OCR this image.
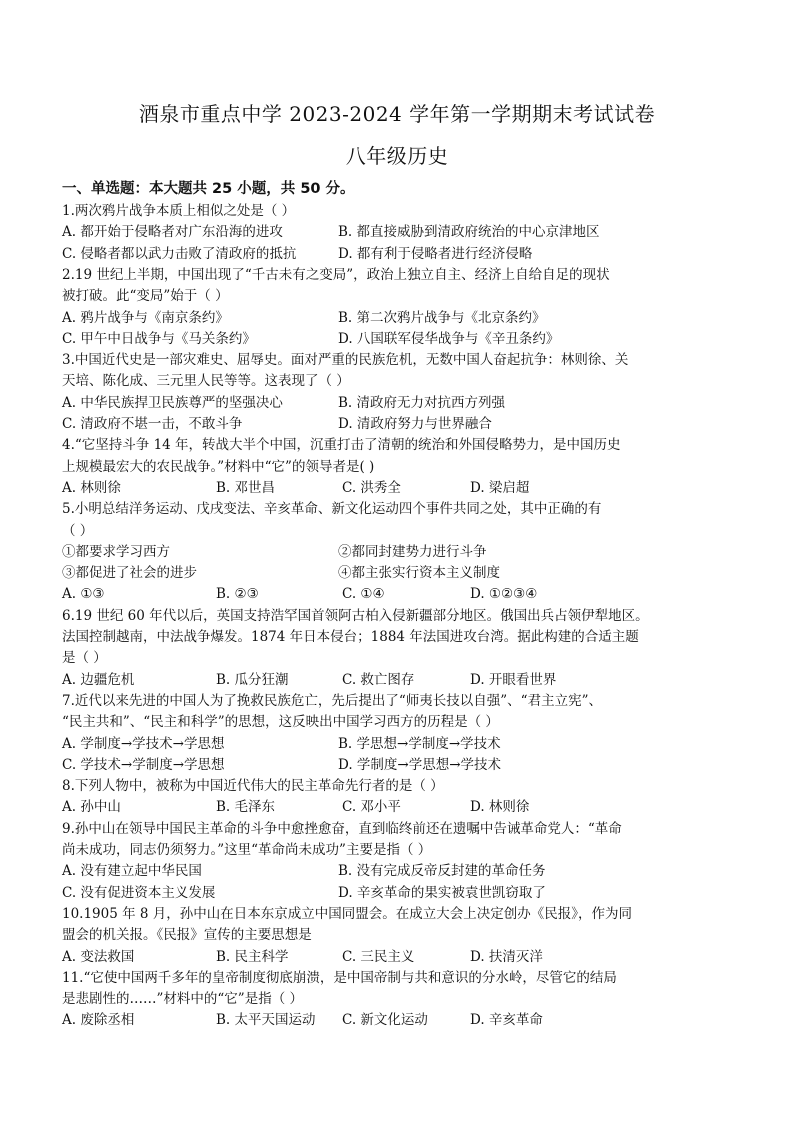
酒泉市重点中学 2023-2024 学年第一学期期末考试试卷
八年级历史
一、单选题：本大题共 25 小题，共 50 分。
1.两次鸦片战争本质上相似之处是（ ）
A. 都开始于侵略者对广东沿海的进攻	B. 都直接威胁到清政府统治的中心京津地区
C. 侵略者都以武力击败了清政府的抵抗	D. 都有利于侵略者进行经济侵略
2.19 世纪上半期，中国出现了“千古未有之变局”，政治上独立自主、经济上自给自足的现状
被打破。此“变局”始于（ ）
A. 鸦片战争与《南京条约》	B. 第二次鸦片战争与《北京条约》
C. 甲午中日战争与《马关条约》	D. 八国联军侵华战争与《辛丑条约》
3.中国近代史是一部灾难史、屈辱史。面对严重的民族危机，无数中国人奋起抗争：林则徐、关
天培、陈化成、三元里人民等等。这表现了（ ）
A. 中华民族捍卫民族尊严的坚强决心	B. 清政府无力对抗西方列强
C. 清政府不堪一击，不敢斗争	D. 清政府努力与世界融合
4.“它坚持斗争 14 年，转战大半个中国，沉重打击了清朝的统治和外国侵略势力，是中国历史
上规模最宏大的农民战争。”材料中“它”的领导者是( )
A. 林则徐	B. 邓世昌	C. 洪秀全	D. 梁启超
5.小明总结洋务运动、戊戌变法、辛亥革命、新文化运动四个事件共同之处，其中正确的有
（ ）
①都要求学习西方	②都同封建势力进行斗争
③都促进了社会的进步	④都主张实行资本主义制度
A. ①③	B. ②③	C. ①④	D. ①②③④
6.19 世纪 60 年代以后，英国支持浩罕国首领阿古柏入侵新疆部分地区。俄国出兵占领伊犁地区。
法国控制越南，中法战争爆发。1874 年日本侵台；1884 年法国进攻台湾。据此构建的合适主题
是（ ）
A. 边疆危机	B. 瓜分狂潮	C. 救亡图存	D. 开眼看世界
7.近代以来先进的中国人为了挽救民族危亡，先后提出了“师夷长技以自强”、“君主立宪”、
“民主共和”、“民主和科学”的思想，这反映出中国学习西方的历程是（ ）
A. 学制度→学技术→学思想	B. 学思想→学制度→学技术
C. 学技术→学制度→学思想	D. 学制度→学思想→学技术
8.下列人物中，被称为中国近代伟大的民主革命先行者的是（ ）
A. 孙中山	B. 毛泽东	C. 邓小平	D. 林则徐
9.孙中山在领导中国民主革命的斗争中愈挫愈奋，直到临终前还在遗嘱中告诫革命党人：“革命
尚未成功，同志仍须努力。”这里“革命尚未成功”主要是指（ ）
A. 没有建立起中华民国	B. 没有完成反帝反封建的革命任务
C. 没有促进资本主义发展	D. 辛亥革命的果实被袁世凯窃取了
10.1905 年 8 月，孙中山在日本东京成立中国同盟会。在成立大会上决定创办《民报》，作为同
盟会的机关报。《民报》宣传的主要思想是
A. 变法救国	B. 民主科学	C. 三民主义	D. 扶清灭洋
11.“它使中国两千多年的皇帝制度彻底崩溃，是中国帝制与共和意识的分水岭，尽管它的结局
是悲剧性的……”材料中的“它”是指（ ）
A. 废除丞相	B. 太平天国运动 C. 新文化运动	D. 辛亥革命
